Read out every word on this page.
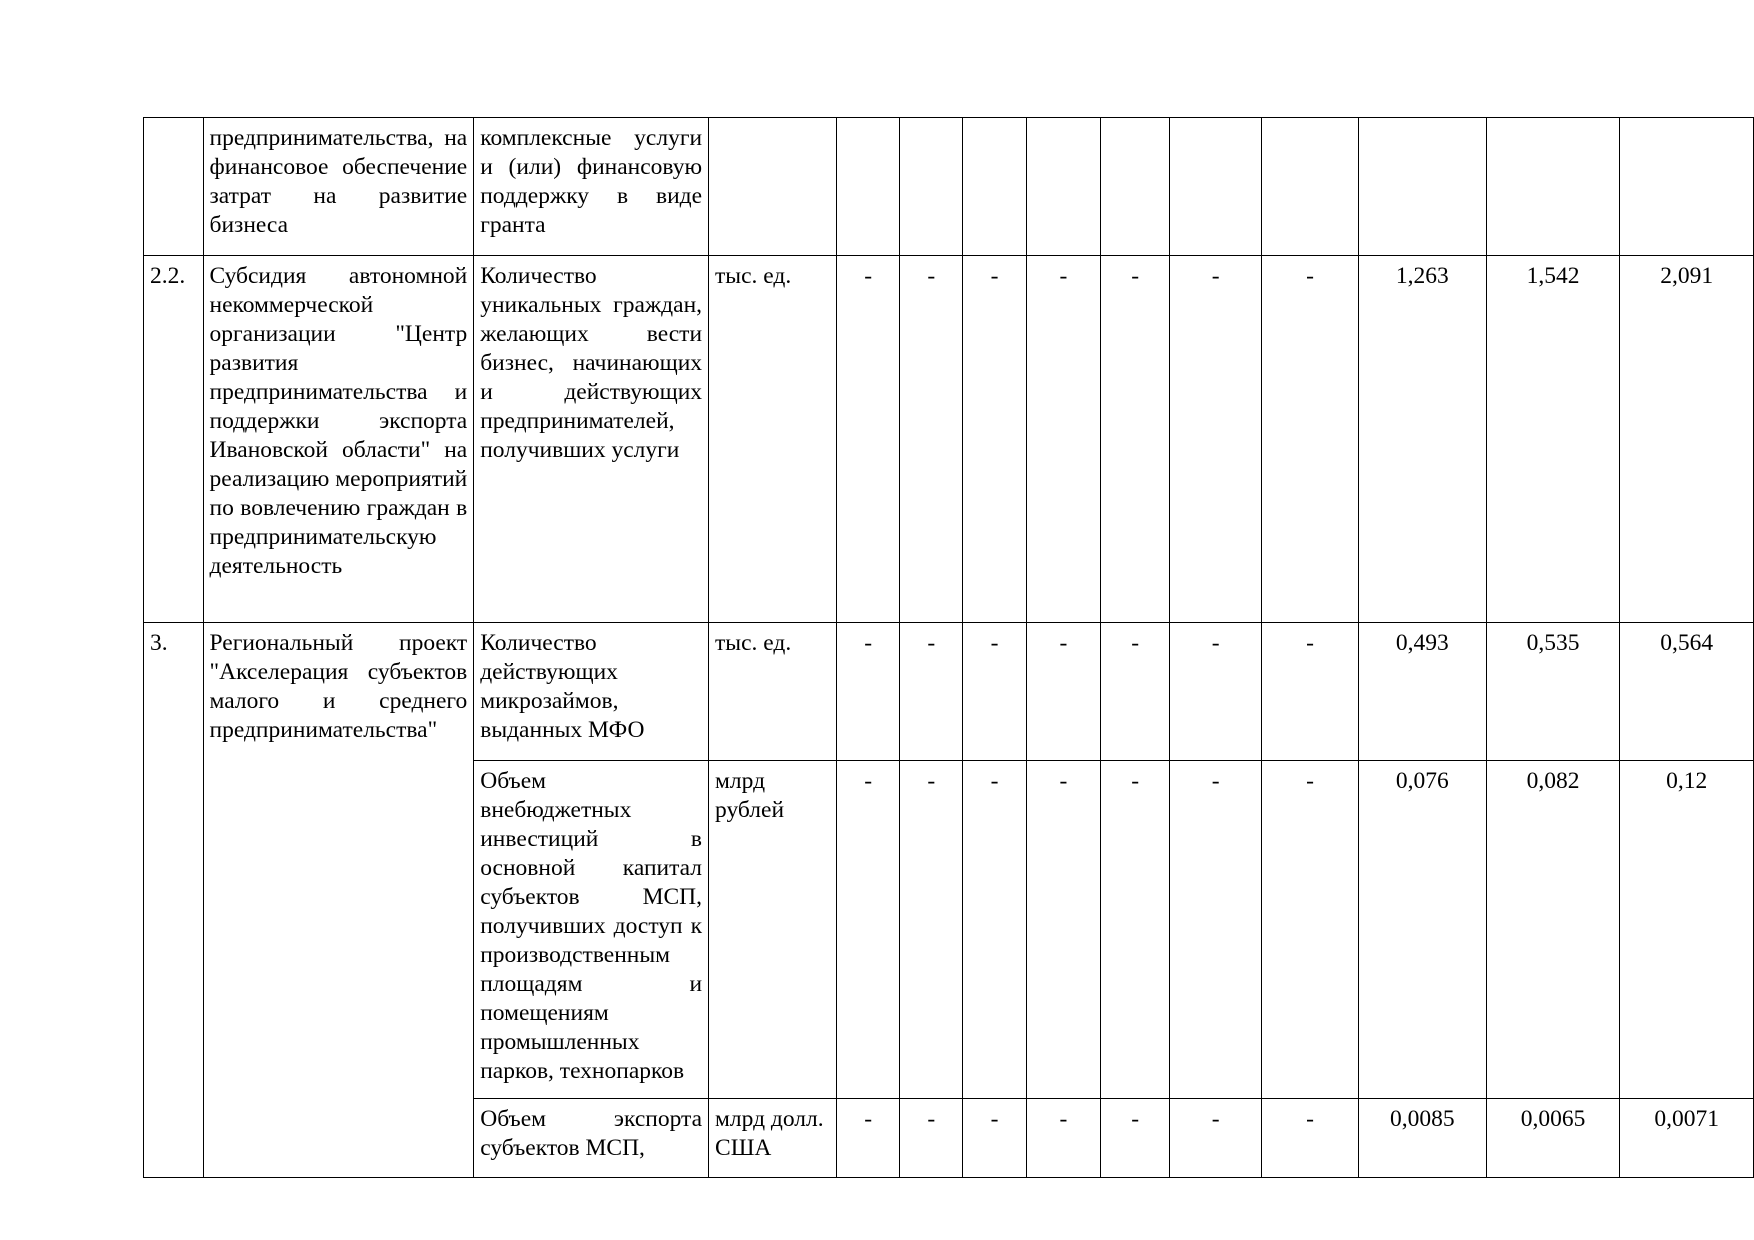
	предпринимательства, на финансовое обеспечение затрат на развитие бизнеса	комплексные услуги и (или) финансовую поддержку в виде гранта											
2.2.	Субсидия автономной некоммерческой организации "Центр развития предпринимательства и поддержки экспорта Ивановской области" на реализацию мероприятий по вовлечению граждан в предпринимательскую деятельность	Количество уникальных граждан, желающих вести бизнес, начинающих и действующих предпринимателей, получивших услуги	тыс. ед.	-	-	-	-	-	-	-	1,263	1,542	2,091
3.	Региональный проект "Акселерация субъектов малого и среднего предпринимательства"	Количество действующих микрозаймов, выданных МФО	тыс. ед.	-	-	-	-	-	-	-	0,493	0,535	0,564
		Объем внебюджетных инвестиций в основной капитал субъектов МСП, получивших доступ к производственным площадям и помещениям промышленных парков, технопарков	млрд рублей	-	-	-	-	-	-	-	0,076	0,082	0,12
		Объем экспорта субъектов МСП,	млрд долл. США	-	-	-	-	-	-	-	0,0085	0,0065	0,0071
